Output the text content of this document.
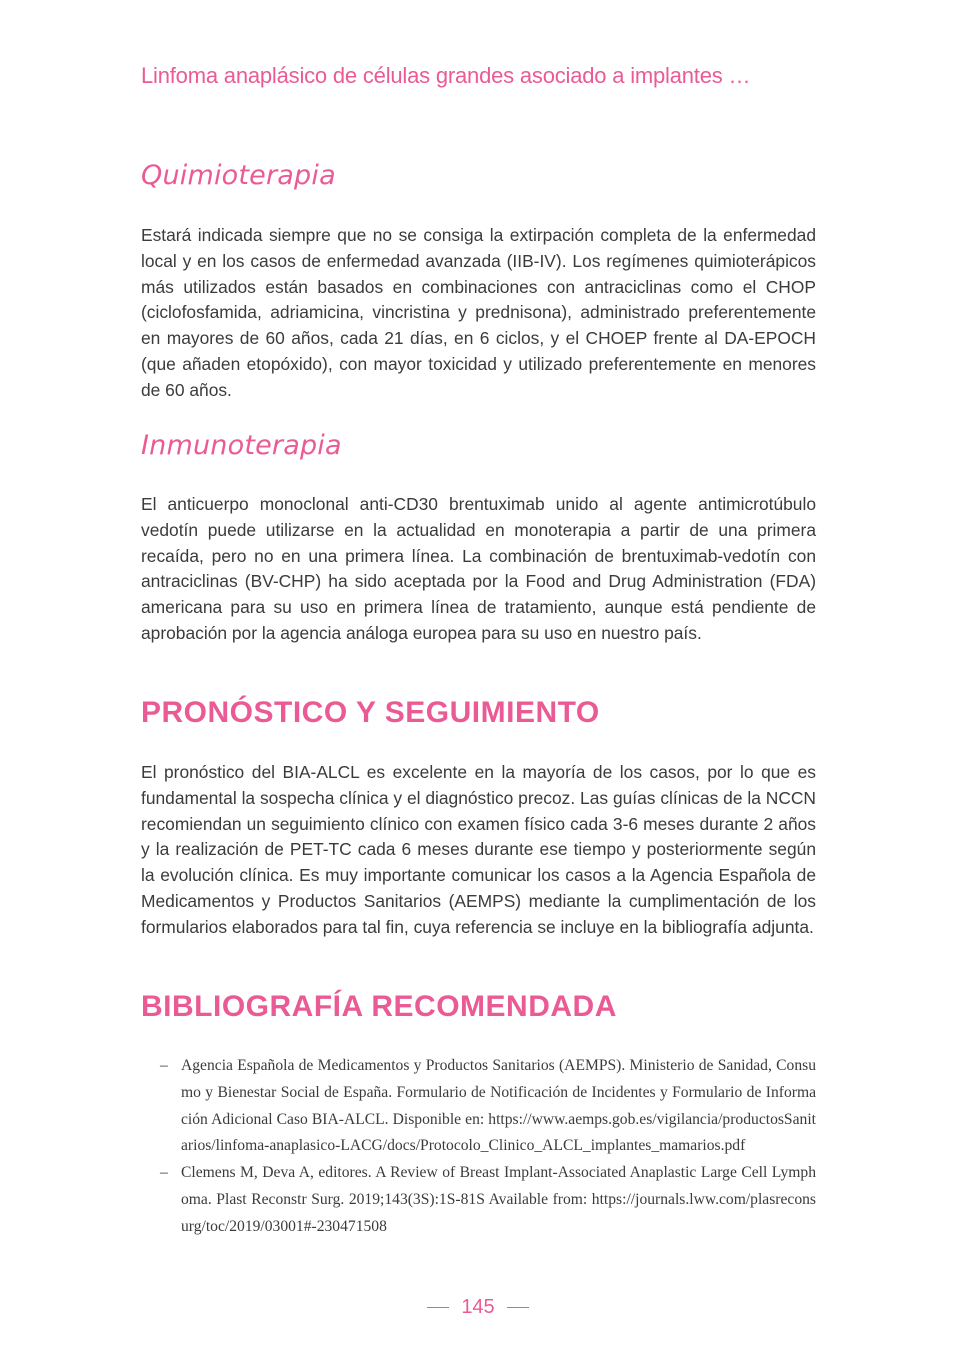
Linfoma anaplásico de células grandes asociado a implantes …
Quimioterapia

Estará indicada siempre que no se consiga la extirpación completa de la enfermedad local y en los casos de enfermedad avanzada (IIB-IV). Los regímenes quimioterápicos más utilizados están basados en combinaciones con antraciclinas como el CHOP (ciclofosfamida, adriamicina, vincristina y prednisona), administrado preferentemente en mayores de 60 años, cada 21 días, en 6 ciclos, y el CHOEP frente al DA-EPOCH (que añaden etopóxido), con mayor toxicidad y utilizado preferentemente en menores de 60 años.

Inmunoterapia

El anticuerpo monoclonal anti-CD30 brentuximab unido al agente antimicrotúbulo vedotín puede utilizarse en la actualidad en monoterapia a partir de una primera recaída, pero no en una primera línea. La combinación de brentuximab-vedotín con antraciclinas (BV-CHP) ha sido aceptada por la Food and Drug Administration (FDA) americana para su uso en primera línea de tratamiento, aunque está pendiente de aprobación por la agencia análoga europea para su uso en nuestro país.

PRONÓSTICO Y SEGUIMIENTO

El pronóstico del BIA-ALCL es excelente en la mayoría de los casos, por lo que es fundamental la sospecha clínica y el diagnóstico precoz. Las guías clínicas de la NCCN recomiendan un seguimiento clínico con examen físico cada 3-6 meses durante 2 años y la realización de PET-TC cada 6 meses durante ese tiempo y posteriormente según la evolución clínica. Es muy importante comunicar los casos a la Agencia Española de Medicamentos y Productos Sanitarios (AEMPS) mediante la cumplimentación de los formularios elaborados para tal fin, cuya referencia se incluye en la bibliografía adjunta.

BIBLIOGRAFÍA RECOMENDADA
– Agencia Española de Medicamentos y Productos Sanitarios (AEMPS). Ministerio de Sanidad, Consumo y Bienestar Social de España. Formulario de Notificación de Incidentes y Formulario de Información Adicional Caso BIA-ALCL. Disponible en: https://www.aemps.gob.es/vigilancia/productosSanitarios/linfoma-anaplasico-LACG/docs/Protocolo_Clinico_ALCL_implantes_mamarios.pdf
– Clemens M, Deva A, editores. A Review of Breast Implant-Associated Anaplastic Large Cell Lymphoma. Plast Reconstr Surg. 2019;143(3S):1S-81S Available from: https://journals.lww.com/plasreconsurg/toc/2019/03001#-230471508
145
